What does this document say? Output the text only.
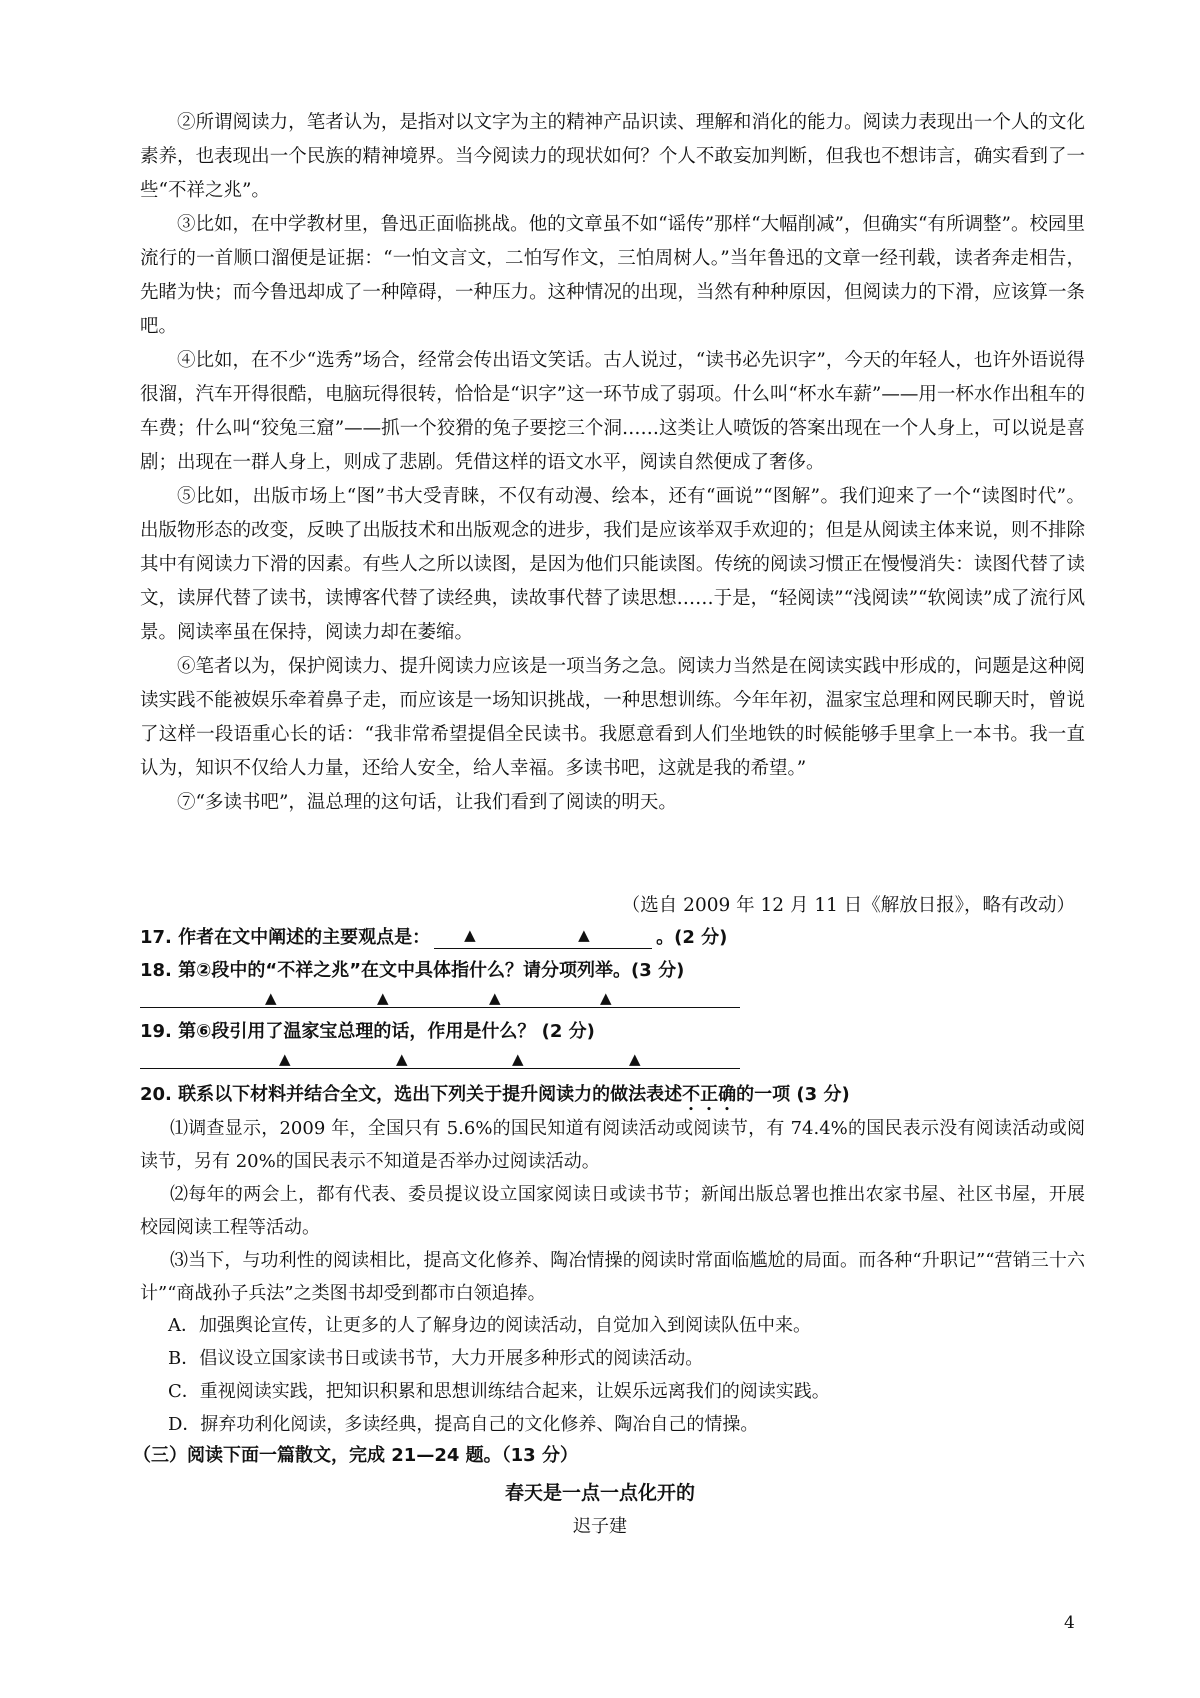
②所谓阅读力，笔者认为，是指对以文字为主的精神产品识读、理解和消化的能力。阅读力表现出一个人的文化素养，也表现出一个民族的精神境界。当今阅读力的现状如何？个人不敢妄加判断，但我也不想讳言，确实看到了一些“不祥之兆”。

③比如，在中学教材里，鲁迅正面临挑战。他的文章虽不如“谣传”那样“大幅削减”，但确实“有所调整”。校园里流行的一首顺口溜便是证据：“一怕文言文，二怕写作文，三怕周树人。”当年鲁迅的文章一经刊载，读者奔走相告，先睹为快；而今鲁迅却成了一种障碍，一种压力。这种情况的出现，当然有种种原因，但阅读力的下滑，应该算一条吧。

④比如，在不少“选秀”场合，经常会传出语文笑话。古人说过，“读书必先识字”，今天的年轻人，也许外语说得很溜，汽车开得很酷，电脑玩得很转，恰恰是“识字”这一环节成了弱项。什么叫“杯水车薪”——用一杯水作出租车的车费；什么叫“狡兔三窟”——抓一个狡猾的兔子要挖三个洞……这类让人喷饭的答案出现在一个人身上，可以说是喜剧；出现在一群人身上，则成了悲剧。凭借这样的语文水平，阅读自然便成了奢侈。

⑤比如，出版市场上“图”书大受青睐，不仅有动漫、绘本，还有“画说”“图解”。我们迎来了一个“读图时代”。出版物形态的改变，反映了出版技术和出版观念的进步，我们是应该举双手欢迎的；但是从阅读主体来说，则不排除其中有阅读力下滑的因素。有些人之所以读图，是因为他们只能读图。传统的阅读习惯正在慢慢消失：读图代替了读文，读屏代替了读书，读博客代替了读经典，读故事代替了读思想……于是，“轻阅读”“浅阅读”“软阅读”成了流行风景。阅读率虽在保持，阅读力却在萎缩。

⑥笔者以为，保护阅读力、提升阅读力应该是一项当务之急。阅读力当然是在阅读实践中形成的，问题是这种阅读实践不能被娱乐牵着鼻子走，而应该是一场知识挑战，一种思想训练。今年年初，温家宝总理和网民聊天时，曾说了这样一段语重心长的话：“我非常希望提倡全民读书。我愿意看到人们坐地铁的时候能够手里拿上一本书。我一直认为，知识不仅给人力量，还给人安全，给人幸福。多读书吧，这就是我的希望。”

⑦“多读书吧”，温总理的这句话，让我们看到了阅读的明天。

（选自 2009 年 12 月 11 日《解放日报》，略有改动）
17. 作者在文中阐述的主要观点是： ▲	▲	。(2 分)
18. 第②段中的“不祥之兆”在文中具体指什么？请分项列举。(3 分)
▲	▲	▲	▲
19. 第⑥段引用了温家宝总理的话，作用是什么？ (2 分)
▲	▲	▲	▲
20. 联系以下材料并结合全文，选出下列关于提升阅读力的做法表述不正确的一项 (3 分)

⑴调查显示，2009 年，全国只有 5.6%的国民知道有阅读活动或阅读节，有 74.4%的国民表示没有阅读活动或阅读节，另有 20%的国民表示不知道是否举办过阅读活动。

⑵每年的两会上，都有代表、委员提议设立国家阅读日或读书节；新闻出版总署也推出农家书屋、社区书屋，开展校园阅读工程等活动。

⑶当下，与功利性的阅读相比，提高文化修养、陶冶情操的阅读时常面临尴尬的局面。而各种“升职记”“营销三十六计”“商战孙子兵法”之类图书却受到都市白领追捧。

A．加强舆论宣传，让更多的人了解身边的阅读活动，自觉加入到阅读队伍中来。
B．倡议设立国家读书日或读书节，大力开展多种形式的阅读活动。
C．重视阅读实践，把知识积累和思想训练结合起来，让娱乐远离我们的阅读实践。
D．摒弃功利化阅读，多读经典，提高自己的文化修养、陶冶自己的情操。
（三）阅读下面一篇散文，完成 21—24 题。（13 分）
春天是一点一点化开的
迟子建
4
